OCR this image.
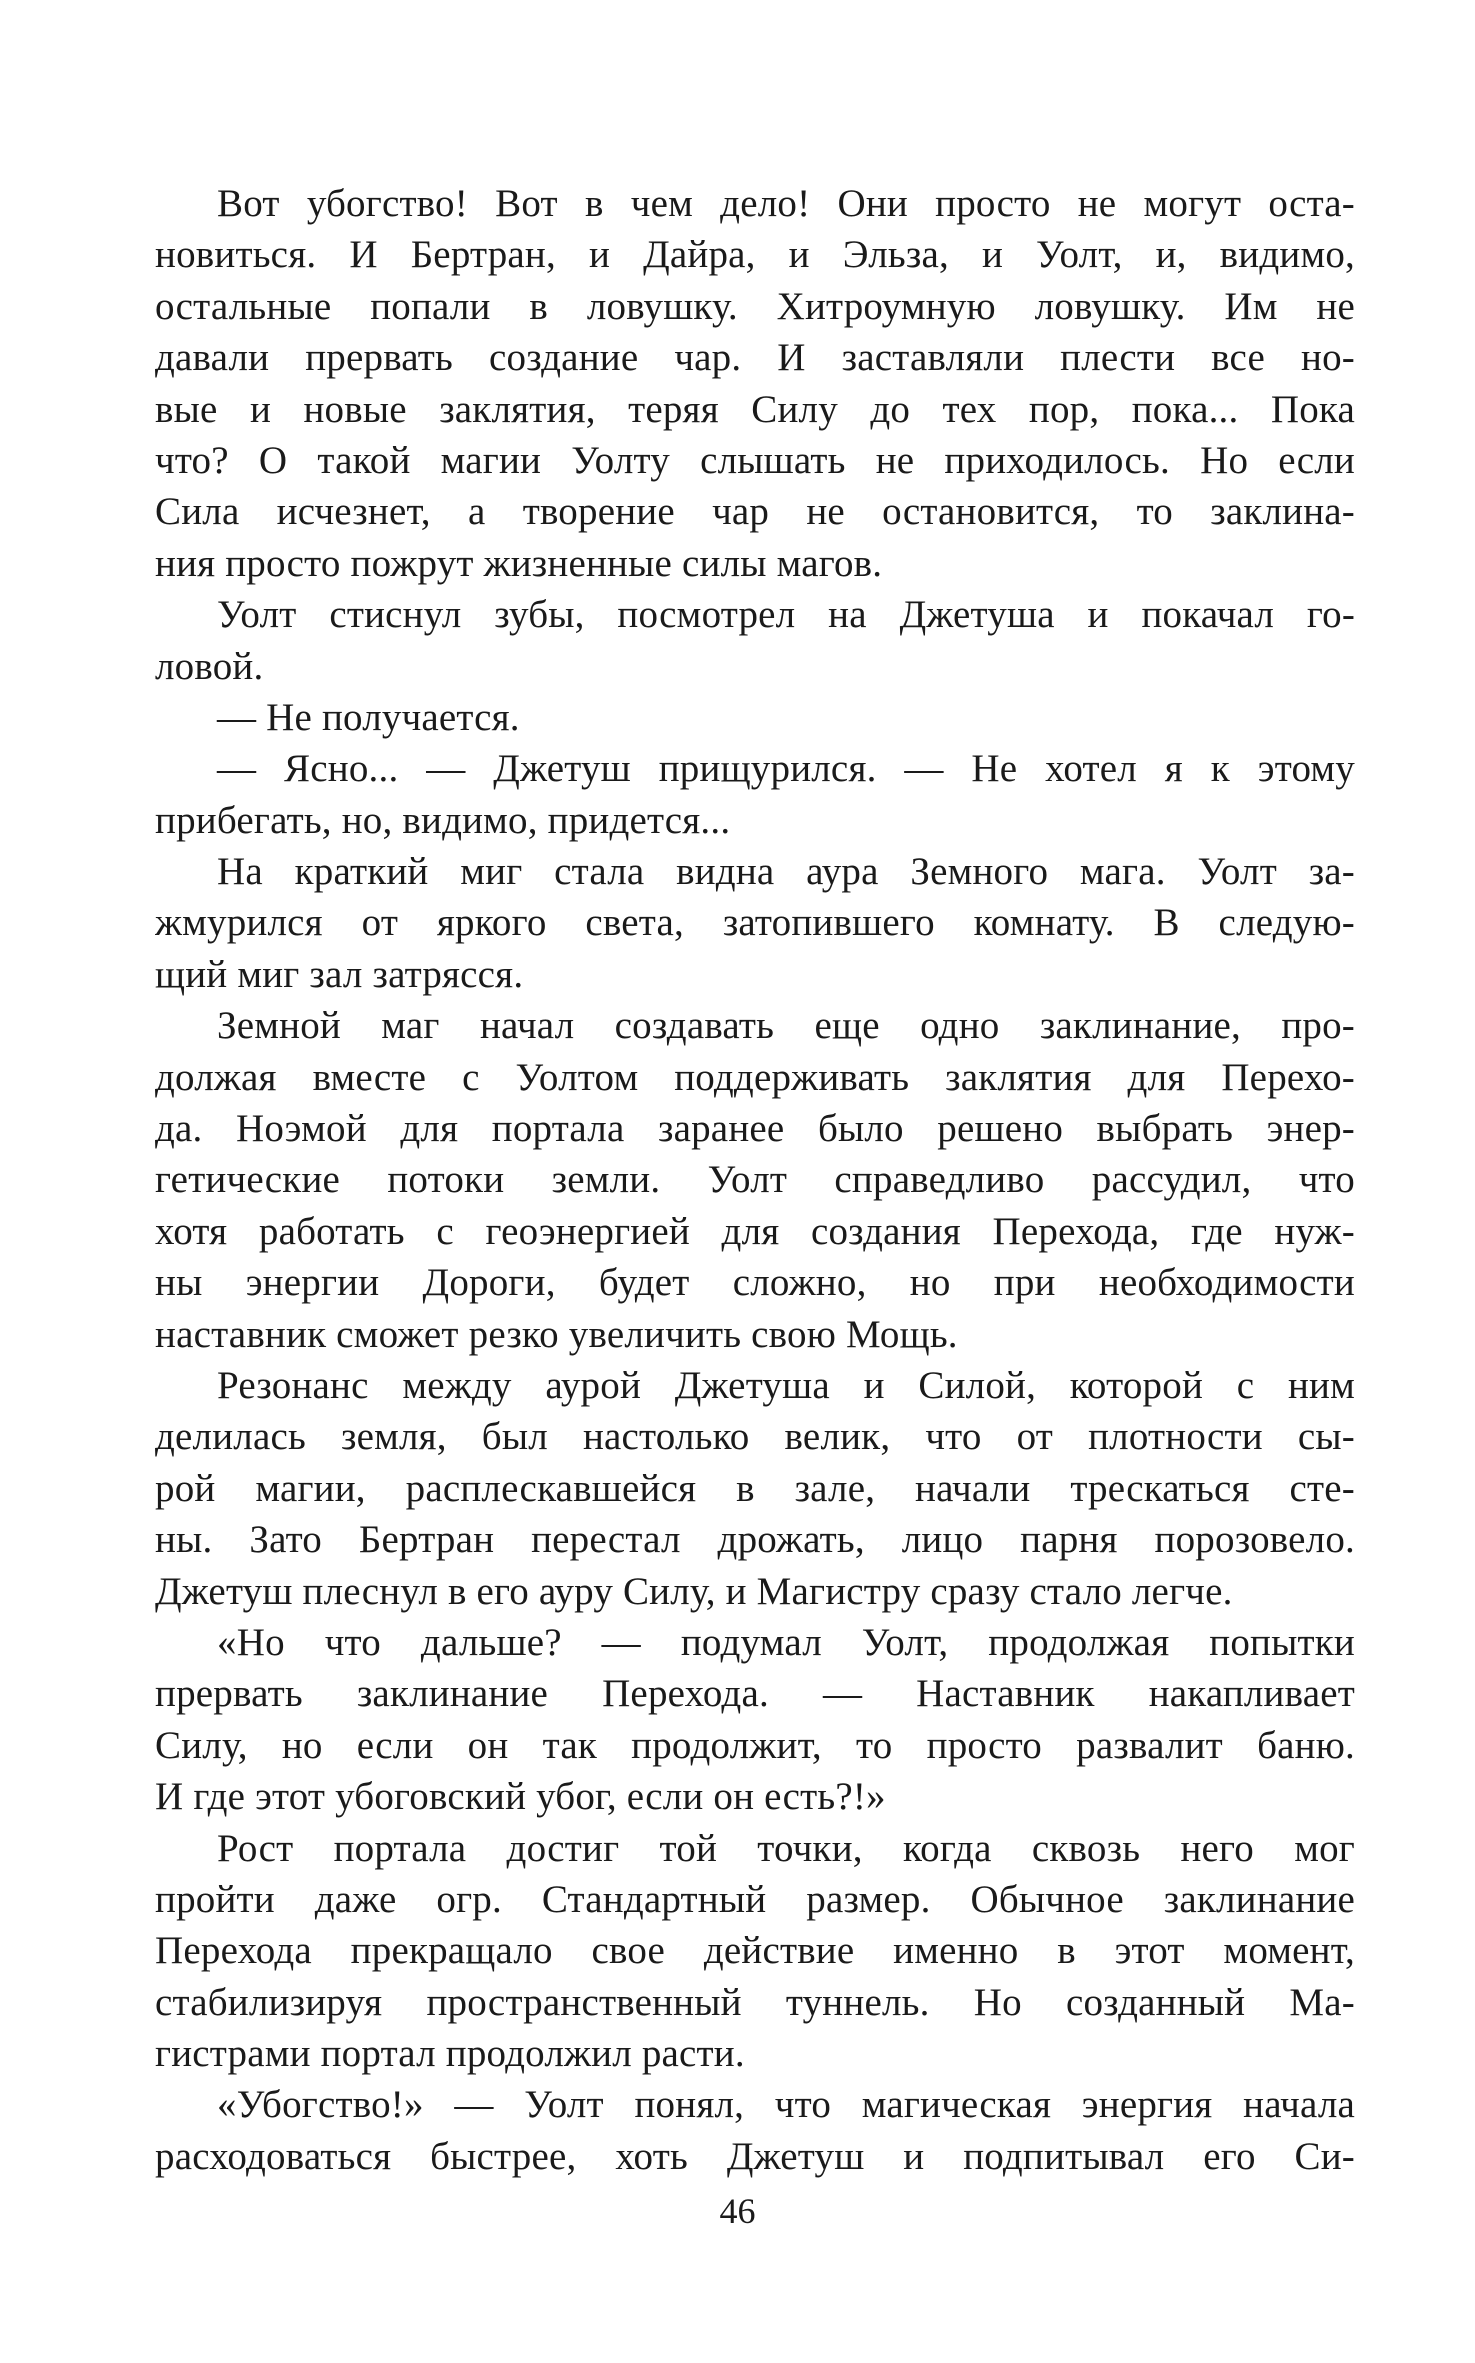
Вот убогство! Вот в чем дело! Они просто не могут оста-
новиться. И Бертран, и Дайра, и Эльза, и Уолт, и, видимо,
остальные попали в ловушку. Хитроумную ловушку. Им не
давали прервать создание чар. И заставляли плести все но-
вые и новые заклятия, теряя Силу до тех пор, пока... Пока
что? О такой магии Уолту слышать не приходилось. Но если
Сила исчезнет, а творение чар не остановится, то заклина-
ния просто пожрут жизненные силы магов.
Уолт стиснул зубы, посмотрел на Джетуша и покачал го-
ловой.
— Не получается.
— Ясно... — Джетуш прищурился. — Не хотел я к этому
прибегать, но, видимо, придется...
На краткий миг стала видна аура Земного мага. Уолт за-
жмурился от яркого света, затопившего комнату. В следую-
щий миг зал затрясся.
Земной маг начал создавать еще одно заклинание, про-
должая вместе с Уолтом поддерживать заклятия для Перехо-
да. Ноэмой для портала заранее было решено выбрать энер-
гетические потоки земли. Уолт справедливо рассудил, что
хотя работать с геоэнергией для создания Перехода, где нуж-
ны энергии Дороги, будет сложно, но при необходимости
наставник сможет резко увеличить свою Мощь.
Резонанс между аурой Джетуша и Силой, которой с ним
делилась земля, был настолько велик, что от плотности сы-
рой магии, расплескавшейся в зале, начали трескаться сте-
ны. Зато Бертран перестал дрожать, лицо парня порозовело.
Джетуш плеснул в его ауру Силу, и Магистру сразу стало легче.
«Но что дальше? — подумал Уолт, продолжая попытки
прервать заклинание Перехода. — Наставник накапливает
Силу, но если он так продолжит, то просто развалит баню.
И где этот убоговский убог, если он есть?!»
Рост портала достиг той точки, когда сквозь него мог
пройти даже огр. Стандартный размер. Обычное заклинание
Перехода прекращало свое действие именно в этот момент,
стабилизируя пространственный туннель. Но созданный Ма-
гистрами портал продолжил расти.
«Убогство!» — Уолт понял, что магическая энергия начала
расходоваться быстрее, хоть Джетуш и подпитывал его Си-
46
